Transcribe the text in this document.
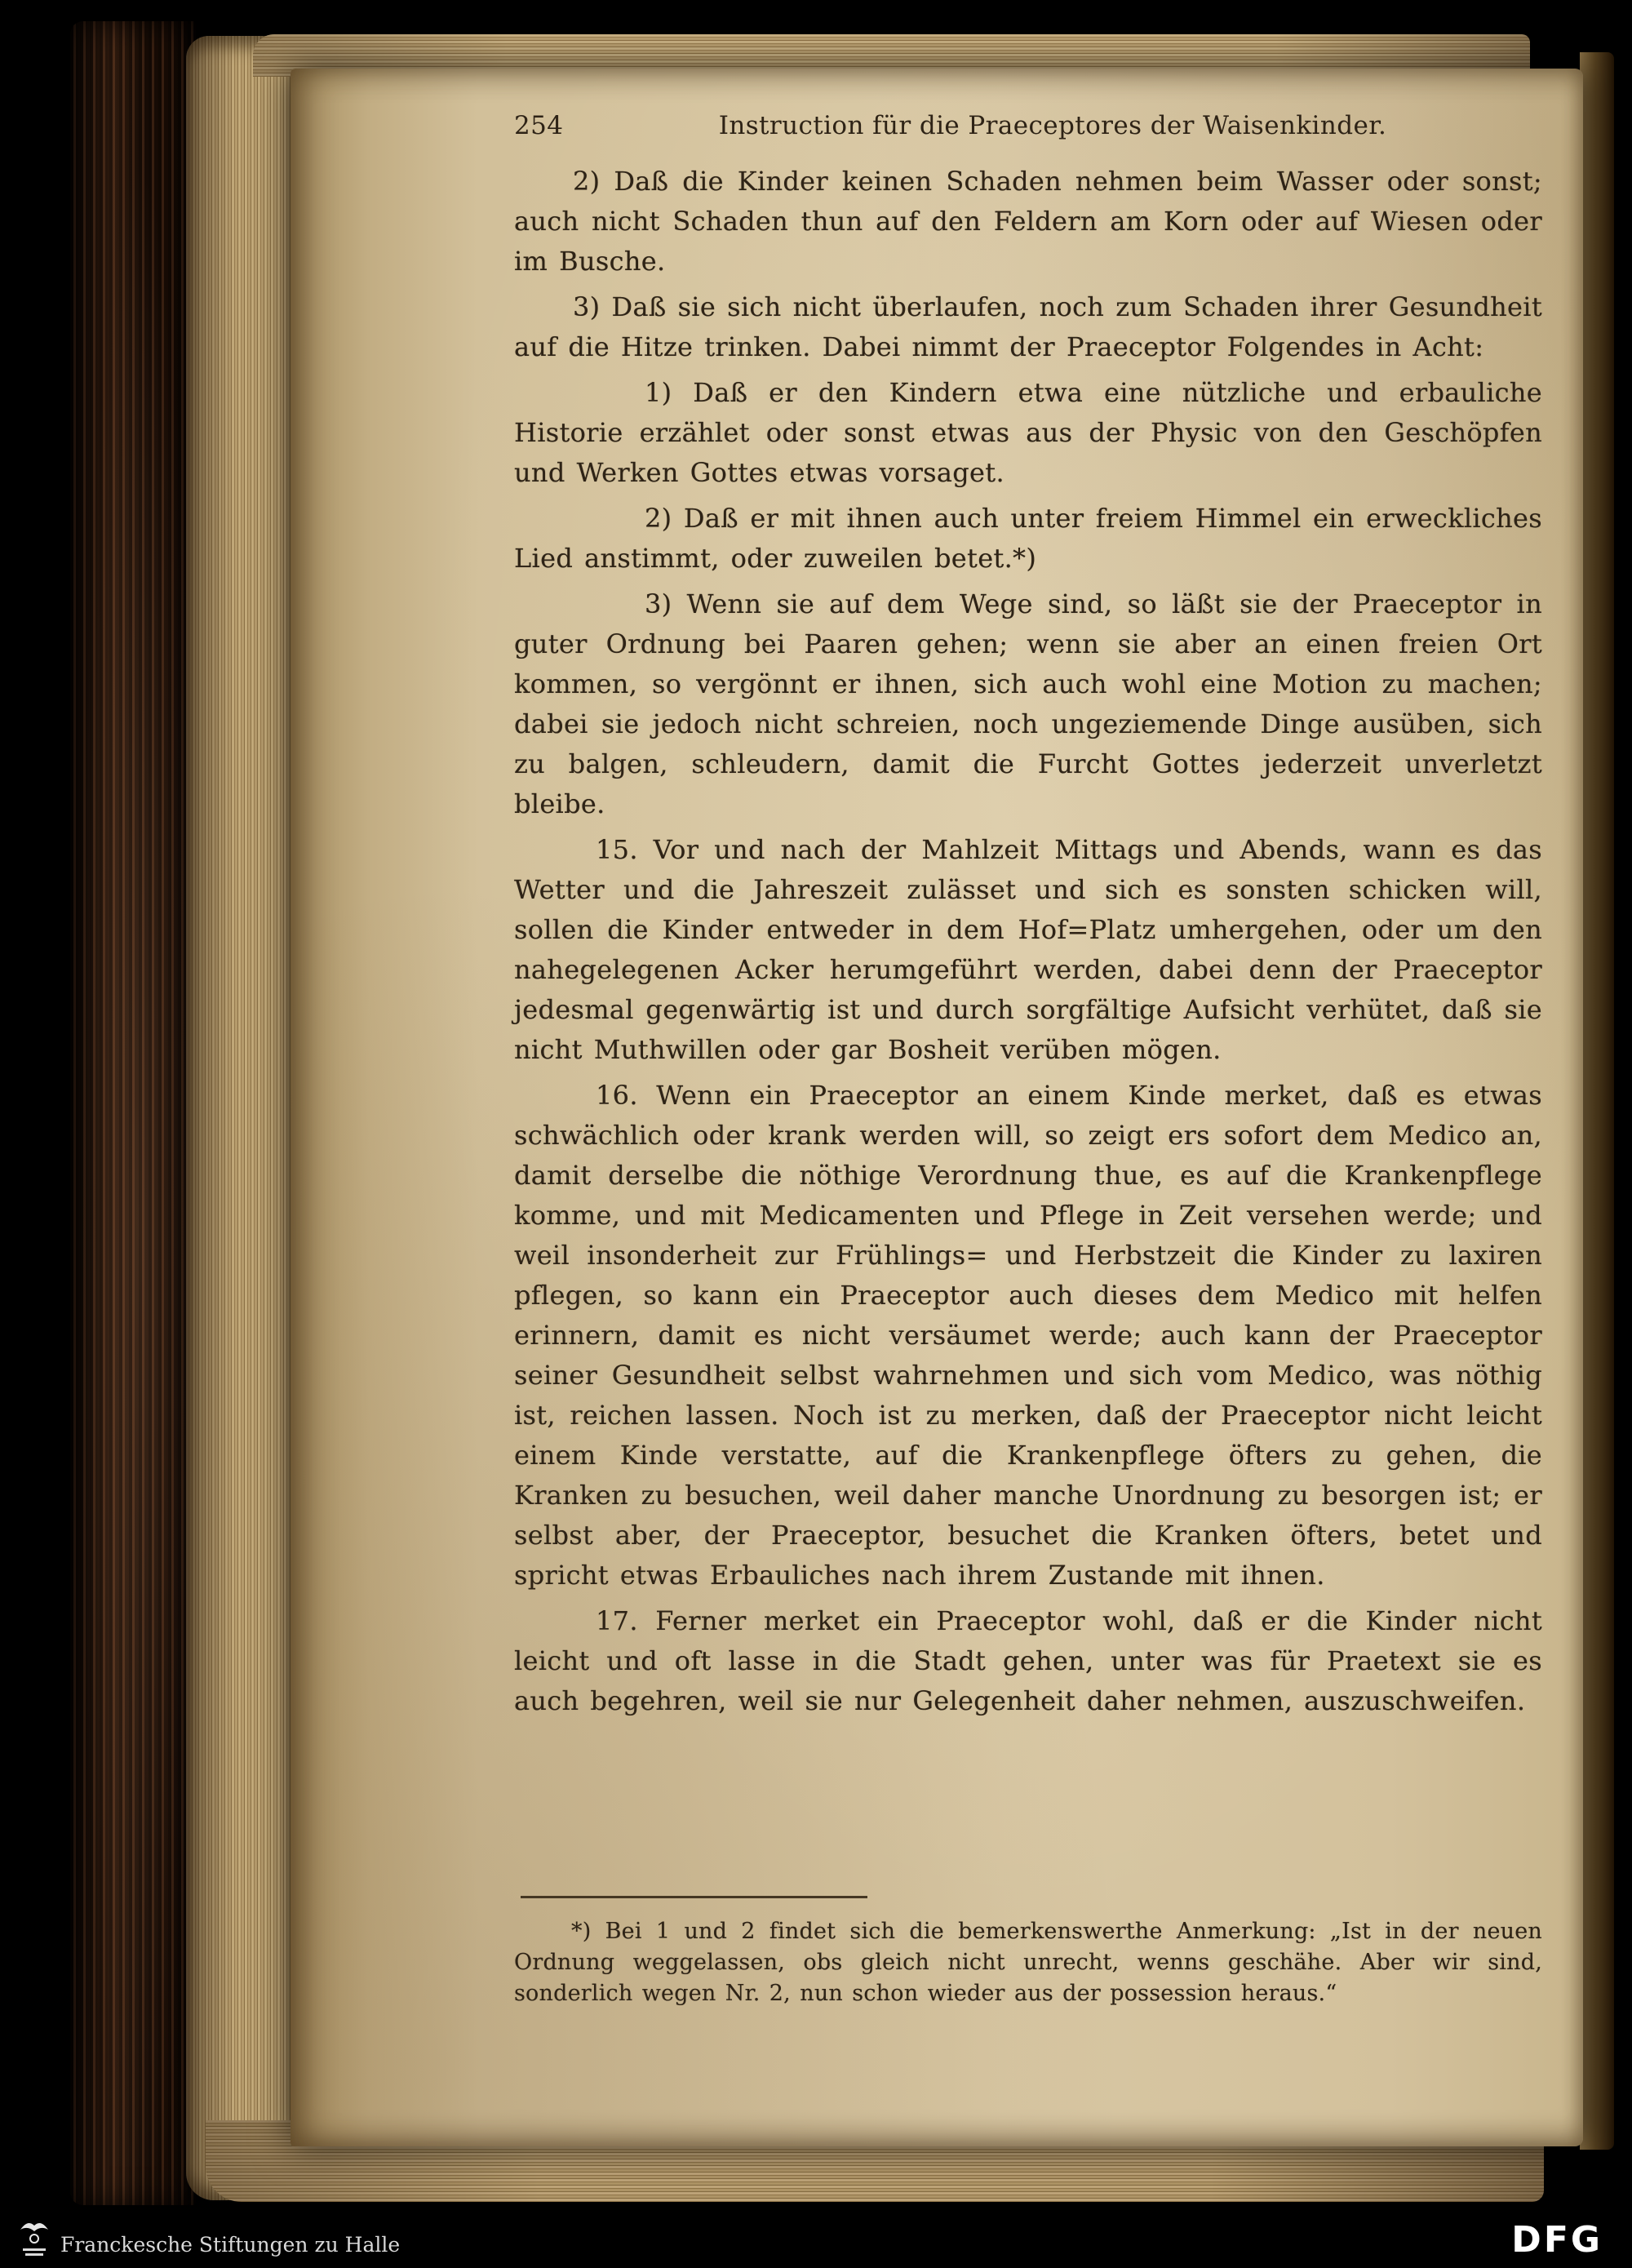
254	Instruction für die Praeceptores der Waisenkinder.

2) Daß die Kinder keinen Schaden nehmen beim Wasser oder sonst; auch nicht Schaden thun auf den Feldern am Korn oder auf Wiesen oder im Busche.

3) Daß sie sich nicht überlaufen, noch zum Schaden ihrer Gesundheit auf die Hitze trinken. Dabei nimmt der Praeceptor Folgendes in Acht:

1) Daß er den Kindern etwa eine nützliche und erbauliche Historie erzählet oder sonst etwas aus der Physic von den Geschöpfen und Werken Gottes etwas vorsaget.

2) Daß er mit ihnen auch unter freiem Himmel ein erweckliches Lied anstimmt, oder zuweilen betet.*)

3) Wenn sie auf dem Wege sind, so läßt sie der Praeceptor in guter Ordnung bei Paaren gehen; wenn sie aber an einen freien Ort kommen, so vergönnt er ihnen, sich auch wohl eine Motion zu machen; dabei sie jedoch nicht schreien, noch ungeziemende Dinge ausüben, sich zu balgen, schleudern, damit die Furcht Gottes jederzeit unverletzt bleibe.

15. Vor und nach der Mahlzeit Mittags und Abends, wann es das Wetter und die Jahreszeit zulässet und sich es sonsten schicken will, sollen die Kinder entweder in dem Hof=Platz umhergehen, oder um den nahegelegenen Acker herumgeführt werden, dabei denn der Praeceptor jedesmal gegenwärtig ist und durch sorgfältige Aufsicht verhütet, daß sie nicht Muthwillen oder gar Bosheit verüben mögen.

16. Wenn ein Praeceptor an einem Kinde merket, daß es etwas schwächlich oder krank werden will, so zeigt ers sofort dem Medico an, damit derselbe die nöthige Verordnung thue, es auf die Krankenpflege komme, und mit Medicamenten und Pflege in Zeit versehen werde; und weil insonderheit zur Frühlings= und Herbstzeit die Kinder zu laxiren pflegen, so kann ein Praeceptor auch dieses dem Medico mit helfen erinnern, damit es nicht versäumet werde; auch kann der Praeceptor seiner Gesundheit selbst wahrnehmen und sich vom Medico, was nöthig ist, reichen lassen. Noch ist zu merken, daß der Praeceptor nicht leicht einem Kinde verstatte, auf die Krankenpflege öfters zu gehen, die Kranken zu besuchen, weil daher manche Unordnung zu besorgen ist; er selbst aber, der Praeceptor, besuchet die Kranken öfters, betet und spricht etwas Erbauliches nach ihrem Zustande mit ihnen.

17. Ferner merket ein Praeceptor wohl, daß er die Kinder nicht leicht und oft lasse in die Stadt gehen, unter was für Praetext sie es auch begehren, weil sie nur Gelegenheit daher nehmen, auszuschweifen.

*) Bei 1 und 2 findet sich die bemerkenswerthe Anmerkung: „Ist in der neuen Ordnung weggelassen, obs gleich nicht unrecht, wenns geschähe. Aber wir sind, sonderlich wegen Nr. 2, nun schon wieder aus der possession heraus.“

Franckesche Stiftungen zu Halle	DFG
